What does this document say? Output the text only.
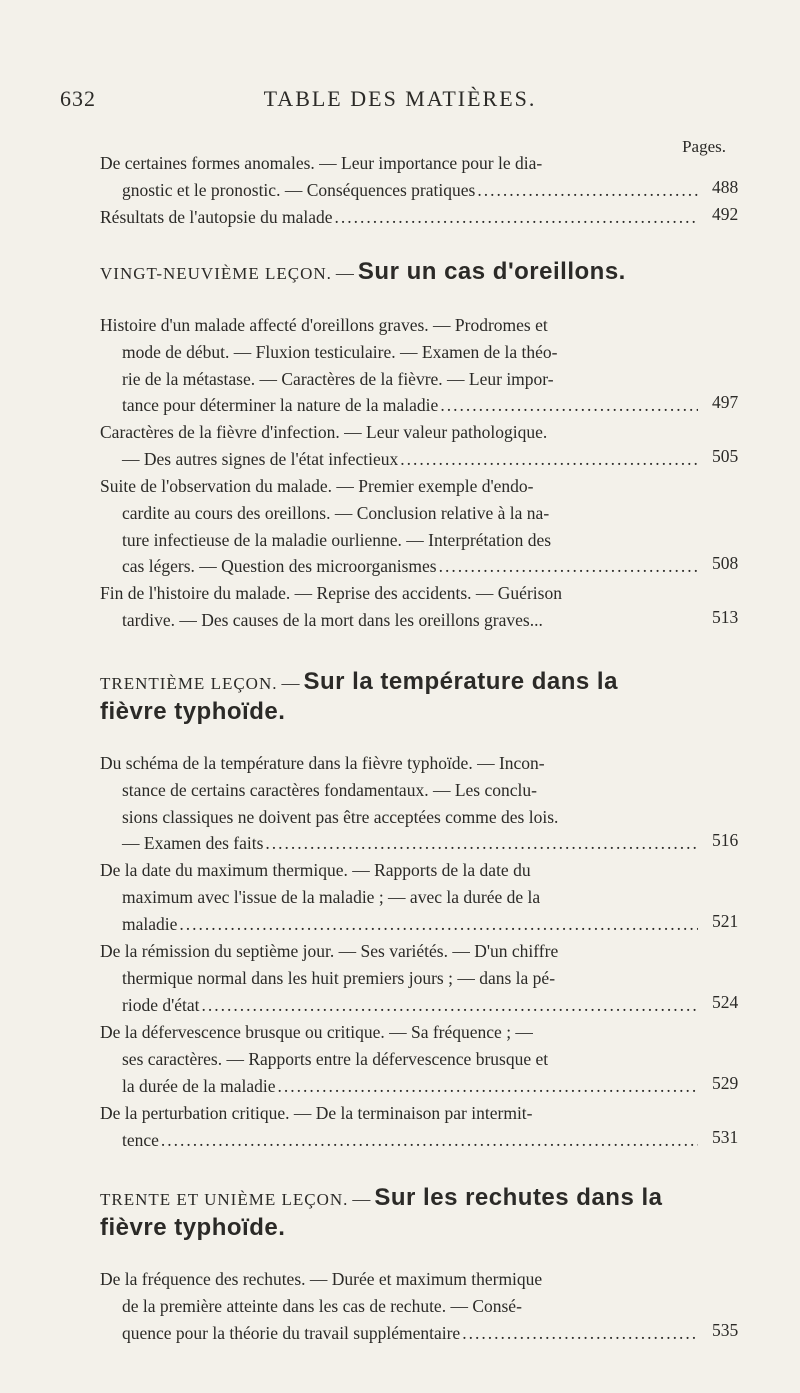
632	TABLE DES MATIÈRES.
Pages.
De certaines formes anomales. — Leur importance pour le dia-
gnostic et le pronostic. — Conséquences pratiques .....	488
Résultats de l'autopsie du malade .....	492
VINGT-NEUVIÈME LEÇON. — Sur un cas d'oreillons.
Histoire d'un malade affecté d'oreillons graves. — Prodromes et
mode de début. — Fluxion testiculaire. — Examen de la théo-
rie de la métastase. — Caractères de la fièvre. — Leur impor-
tance pour déterminer la nature de la maladie .....	497
Caractères de la fièvre d'infection. — Leur valeur pathologique.
— Des autres signes de l'état infectieux .....	505
Suite de l'observation du malade. — Premier exemple d'endo-
cardite au cours des oreillons. — Conclusion relative à la na-
ture infectieuse de la maladie ourlienne. — Interprétation des
cas légers. — Question des microorganismes .....	508
Fin de l'histoire du malade. — Reprise des accidents. — Guérison
tardive. — Des causes de la mort dans les oreillons graves...	513
TRENTIÈME LEÇON. — Sur la température dans la
fièvre typhoïde.
Du schéma de la température dans la fièvre typhoïde. — Incon-
stance de certains caractères fondamentaux. — Les conclu-
sions classiques ne doivent pas être acceptées comme des lois.
— Examen des faits .....	516
De la date du maximum thermique. — Rapports de la date du
maximum avec l'issue de la maladie ; — avec la durée de la
maladie .....	521
De la rémission du septième jour. — Ses variétés. — D'un chiffre
thermique normal dans les huit premiers jours ; — dans la pé-
riode d'état .....	524
De la défervescence brusque ou critique. — Sa fréquence ; —
ses caractères. — Rapports entre la défervescence brusque et
la durée de la maladie .....	529
De la perturbation critique. — De la terminaison par intermit-
tence .....	531
TRENTE ET UNIÈME LEÇON. — Sur les rechutes dans la
fièvre typhoïde.
De la fréquence des rechutes. — Durée et maximum thermique
de la première atteinte dans les cas de rechute. — Consé-
quence pour la théorie du travail supplémentaire .....	535
